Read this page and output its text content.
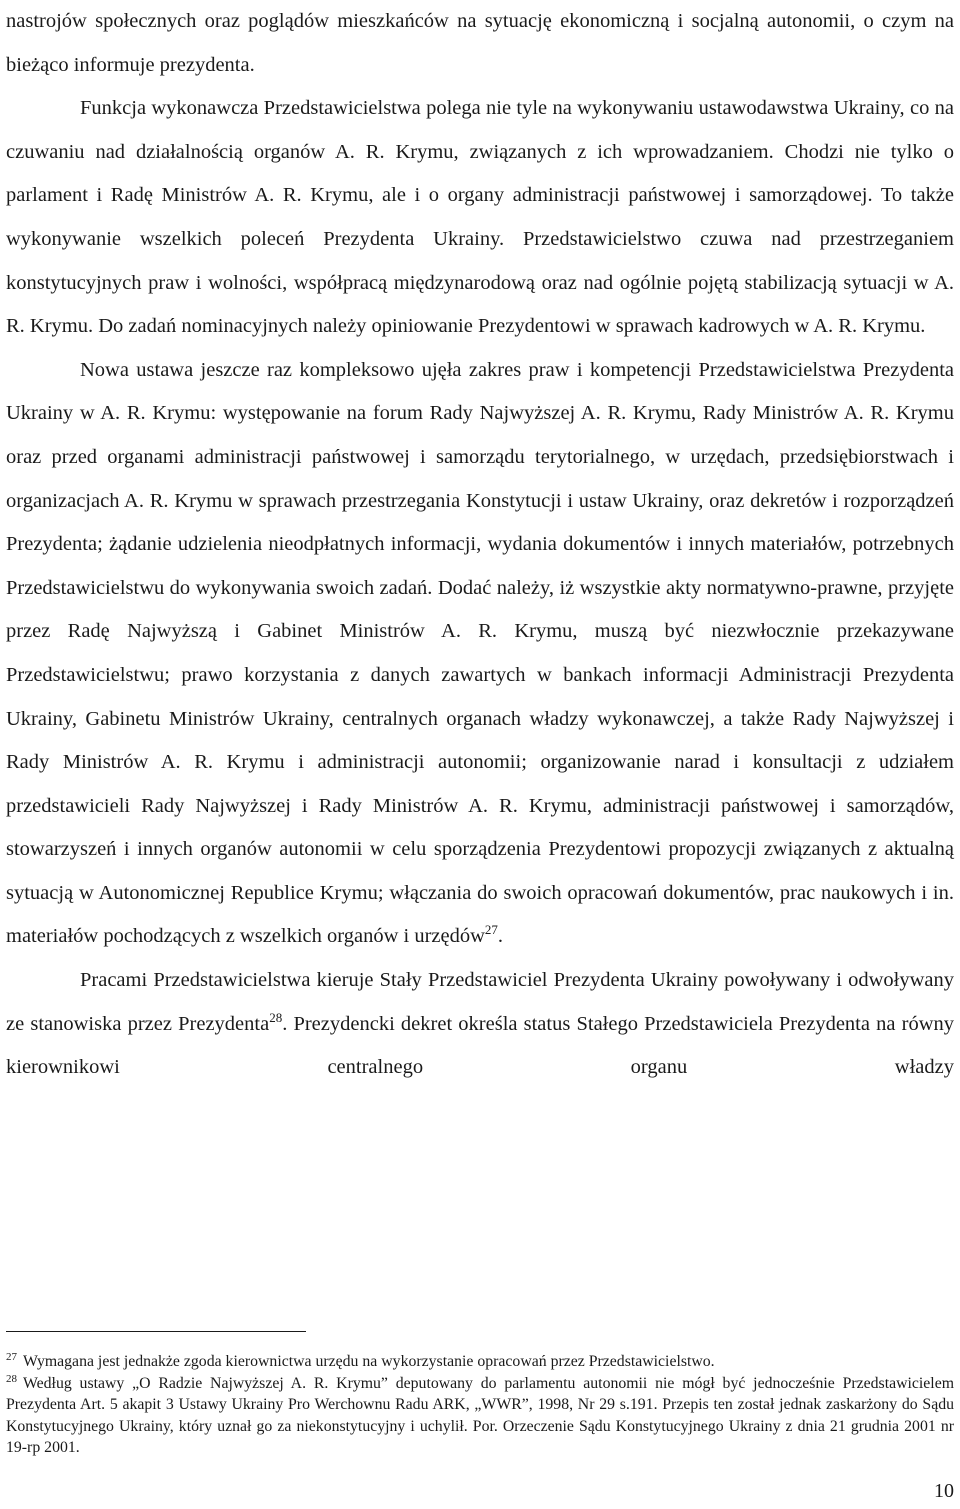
nastrojów społecznych oraz poglądów mieszkańców na sytuację ekonomiczną i socjalną autonomii, o czym na bieżąco informuje prezydenta.

Funkcja wykonawcza Przedstawicielstwa polega nie tyle na wykonywaniu ustawodawstwa Ukrainy, co na czuwaniu nad działalnością organów A. R. Krymu, związanych z ich wprowadzaniem. Chodzi nie tylko o parlament i Radę Ministrów A. R. Krymu, ale i o organy administracji państwowej i samorządowej. To także wykonywanie wszelkich poleceń Prezydenta Ukrainy. Przedstawicielstwo czuwa nad przestrzeganiem konstytucyjnych praw i wolności, współpracą międzynarodową oraz nad ogólnie pojętą stabilizacją sytuacji w A. R. Krymu. Do zadań nominacyjnych należy opiniowanie Prezydentowi w sprawach kadrowych w A. R. Krymu.

Nowa ustawa jeszcze raz kompleksowo ujęła zakres praw i kompetencji Przedstawicielstwa Prezydenta Ukrainy w A. R. Krymu: występowanie na forum Rady Najwyższej A. R. Krymu, Rady Ministrów A. R. Krymu oraz przed organami administracji państwowej i samorządu terytorialnego, w urzędach, przedsiębiorstwach i organizacjach A. R. Krymu w sprawach przestrzegania Konstytucji i ustaw Ukrainy, oraz dekretów i rozporządzeń Prezydenta; żądanie udzielenia nieodpłatnych informacji, wydania dokumentów i innych materiałów, potrzebnych Przedstawicielstwu do wykonywania swoich zadań. Dodać należy, iż wszystkie akty normatywno-prawne, przyjęte przez Radę Najwyższą i Gabinet Ministrów A. R. Krymu, muszą być niezwłocznie przekazywane Przedstawicielstwu; prawo korzystania z danych zawartych w bankach informacji Administracji Prezydenta Ukrainy, Gabinetu Ministrów Ukrainy, centralnych organach władzy wykonawczej, a także Rady Najwyższej i Rady Ministrów A. R. Krymu i administracji autonomii; organizowanie narad i konsultacji z udziałem przedstawicieli Rady Najwyższej i Rady Ministrów A. R. Krymu, administracji państwowej i samorządów, stowarzyszeń i innych organów autonomii w celu sporządzenia Prezydentowi propozycji związanych z aktualną sytuacją w Autonomicznej Republice Krymu; włączania do swoich opracowań dokumentów, prac naukowych i in. materiałów pochodzących z wszelkich organów i urzędów$^{27}$.

Pracami Przedstawicielstwa kieruje Stały Przedstawiciel Prezydenta Ukrainy powoływany i odwoływany ze stanowiska przez Prezydenta$^{28}$. Prezydencki dekret określa status Stałego Przedstawiciela Prezydenta na równy kierownikowi centralnego organu władzy

$^{27}$ Wymagana jest jednakże zgoda kierownictwa urzędu na wykorzystanie opracowań przez Przedstawicielstwo.

$^{28}$ Według ustawy „O Radzie Najwyższej A. R. Krymu” deputowany do parlamentu autonomii nie mógł być jednocześnie Przedstawicielem Prezydenta Art. 5 akapit 3 Ustawy Ukrainy Pro Werchownu Radu ARK, „WWR”, 1998, Nr 29 s.191. Przepis ten został jednak zaskarżony do Sądu Konstytucyjnego Ukrainy, który uznał go za niekonstytucyjny i uchylił. Por. Orzeczenie Sądu Konstytucyjnego Ukrainy z dnia 21 grudnia 2001 nr 19-rp 2001.

10
